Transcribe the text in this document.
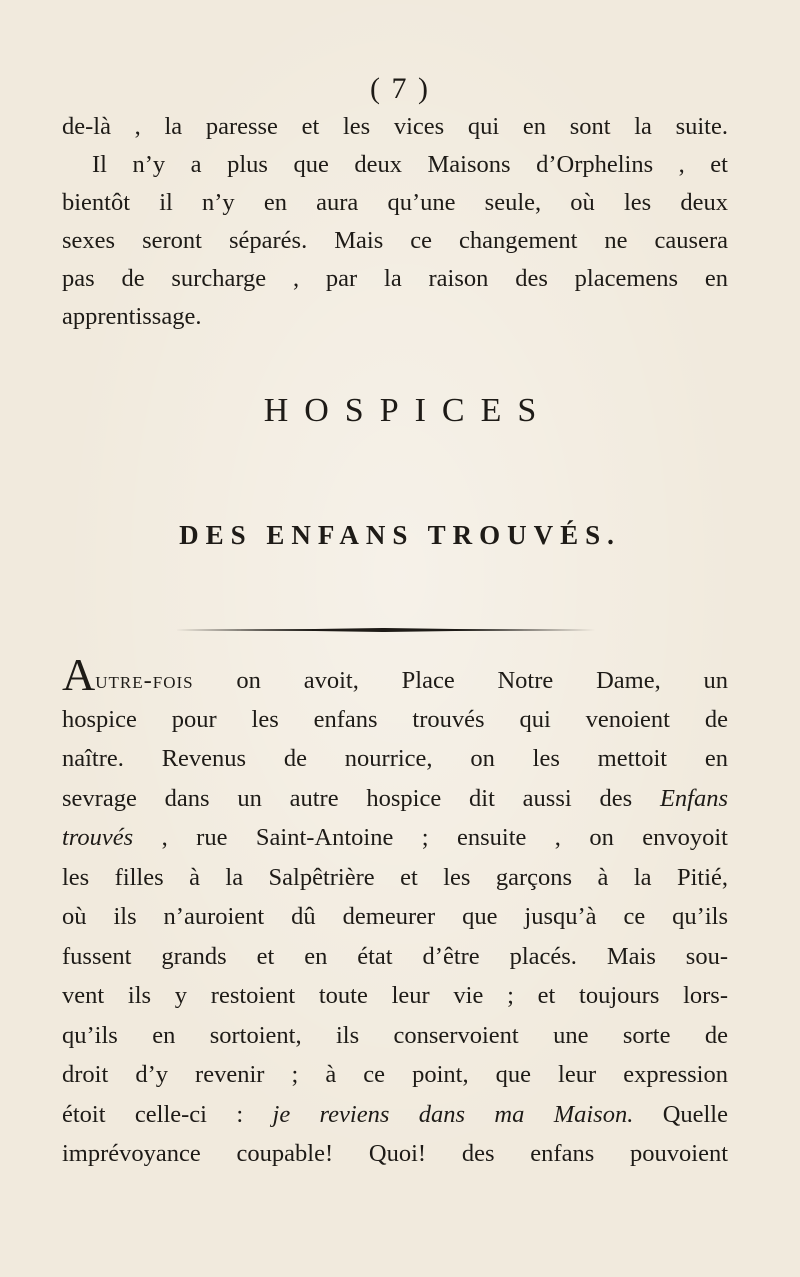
( 7 )
de-là , la paresse et les vices qui en sont la suite.
Il n’y a plus que deux Maisons d’Orphelins , et
bientôt il n’y en aura qu’une seule, où les deux
sexes seront séparés. Mais ce changement ne causera
pas de surcharge , par la raison des placemens en
apprentissage.
HOSPICES
DES ENFANS TROUVÉS.
Autre-fois on avoit, Place Notre Dame, un
hospice pour les enfans trouvés qui venoient de
naître. Revenus de nourrice, on les mettoit en
sevrage dans un autre hospice dit aussi des Enfans
trouvés , rue Saint-Antoine ; ensuite , on envoyoit
les filles à la Salpêtrière et les garçons à la Pitié,
où ils n’auroient dû demeurer que jusqu’à ce qu’ils
fussent grands et en état d’être placés. Mais sou-
vent ils y restoient toute leur vie ; et toujours lors-
qu’ils en sortoient, ils conservoient une sorte de
droit d’y revenir ; à ce point, que leur expression
étoit celle-ci : je reviens dans ma Maison. Quelle
imprévoyance coupable! Quoi! des enfans pouvoient
